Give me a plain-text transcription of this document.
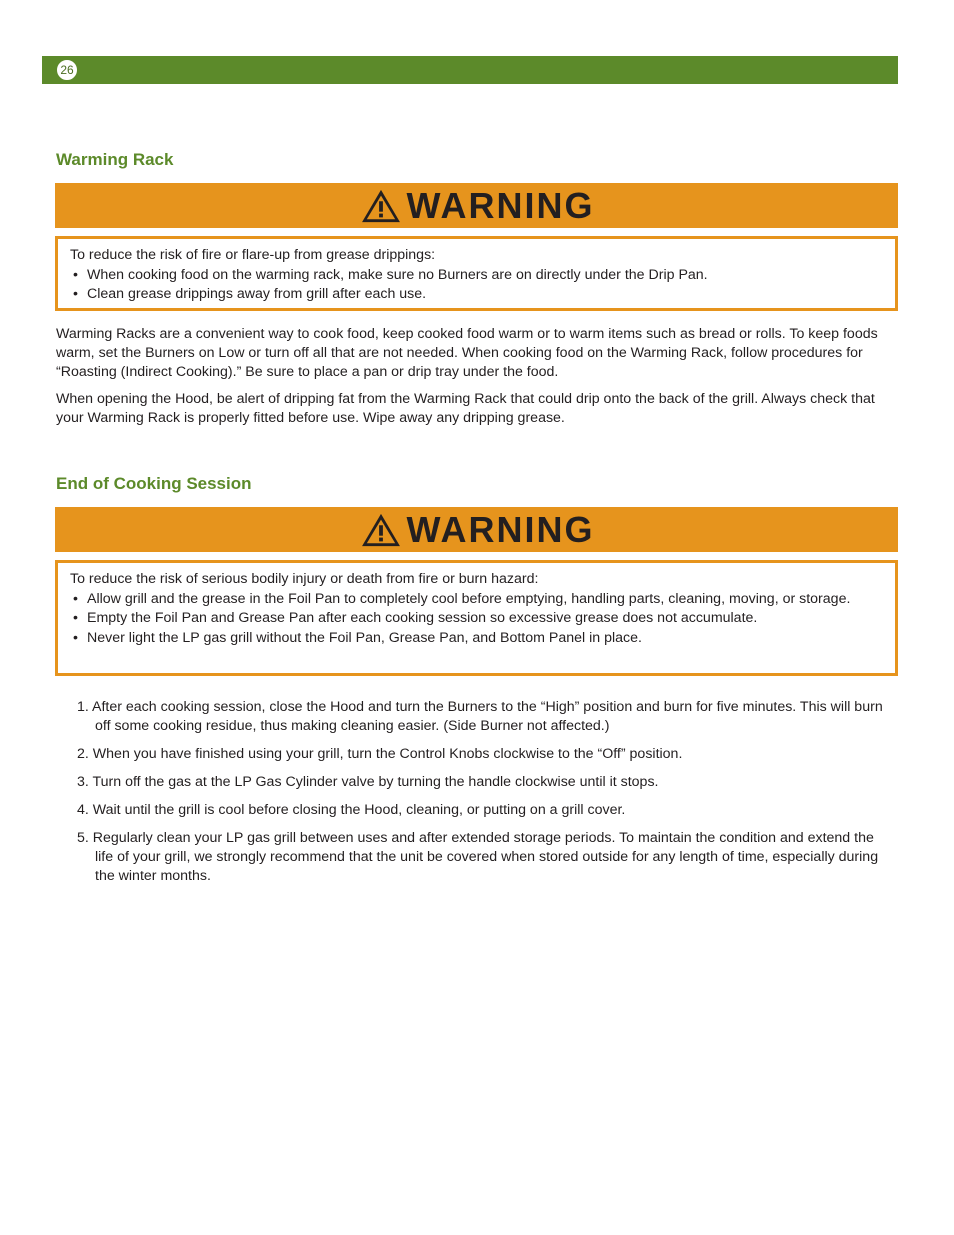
26
Warming Rack
WARNING
To reduce the risk of fire or flare-up from grease drippings:
• When cooking food on the warming rack, make sure no Burners are on directly under the Drip Pan.
• Clean grease drippings away from grill after each use.

Warming Racks are a convenient way to cook food, keep cooked food warm or to warm items such as bread or rolls. To keep foods warm, set the Burners on Low or turn off all that are not needed. When cooking food on the Warming Rack, follow procedures for “Roasting (Indirect Cooking).” Be sure to place a pan or drip tray under the food.

When opening the Hood, be alert of dripping fat from the Warming Rack that could drip onto the back of the grill. Always check that your Warming Rack is properly fitted before use. Wipe away any dripping grease.

End of Cooking Session
WARNING
To reduce the risk of serious bodily injury or death from fire or burn hazard:
• Allow grill and the grease in the Foil Pan to completely cool before emptying, handling parts, cleaning, moving, or storage.
• Empty the Foil Pan and Grease Pan after each cooking session so excessive grease does not accumulate.
• Never light the LP gas grill without the Foil Pan, Grease Pan, and Bottom Panel in place.
1. After each cooking session, close the Hood and turn the Burners to the “High” position and burn for five minutes. This will burn off some cooking residue, thus making cleaning easier. (Side Burner not affected.)
2. When you have finished using your grill, turn the Control Knobs clockwise to the “Off” position.
3. Turn off the gas at the LP Gas Cylinder valve by turning the handle clockwise until it stops.
4. Wait until the grill is cool before closing the Hood, cleaning, or putting on a grill cover.
5. Regularly clean your LP gas grill between uses and after extended storage periods. To maintain the condition and extend the life of your grill, we strongly recommend that the unit be covered when stored outside for any length of time, especially during the winter months.
